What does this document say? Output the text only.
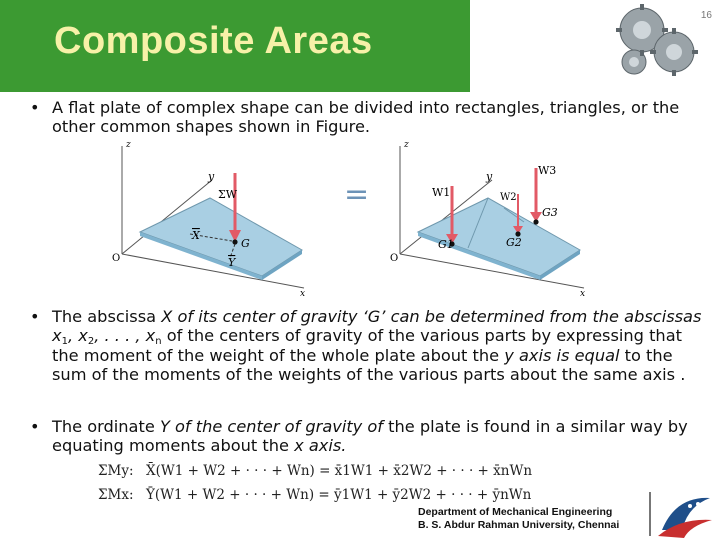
Composite Areas
16
• A flat plate of complex shape can be divided into rectangles, triangles, or the other common shapes shown in Figure.
z
y
x
O
ΣW
G
X
Y
=
z
y
x
O
W1	W2
W3
G1	G2
G3
• The abscissa X of its center of gravity ‘G’ can be determined from the abscissas $x_1$, $x_2$, . . . , $x_n$ of the centers of gravity of the various parts by expressing that the moment of the weight of the whole plate about the y axis is equal to the sum of the moments of the weights of the various parts about the same axis .
• The ordinate Y of the center of gravity of the plate is found in a similar way by equating moments about the x axis.
ΣMy: X̄(W1 + W2 + · · · + Wn) = x̄1W1 + x̄2W2 + · · · + x̄nWn
ΣMx: Ȳ(W1 + W2 + · · · + Wn) = ȳ1W1 + ȳ2W2 + · · · + ȳnWn
Department of Mechanical Engineering
B. S. Abdur Rahman University, Chennai
